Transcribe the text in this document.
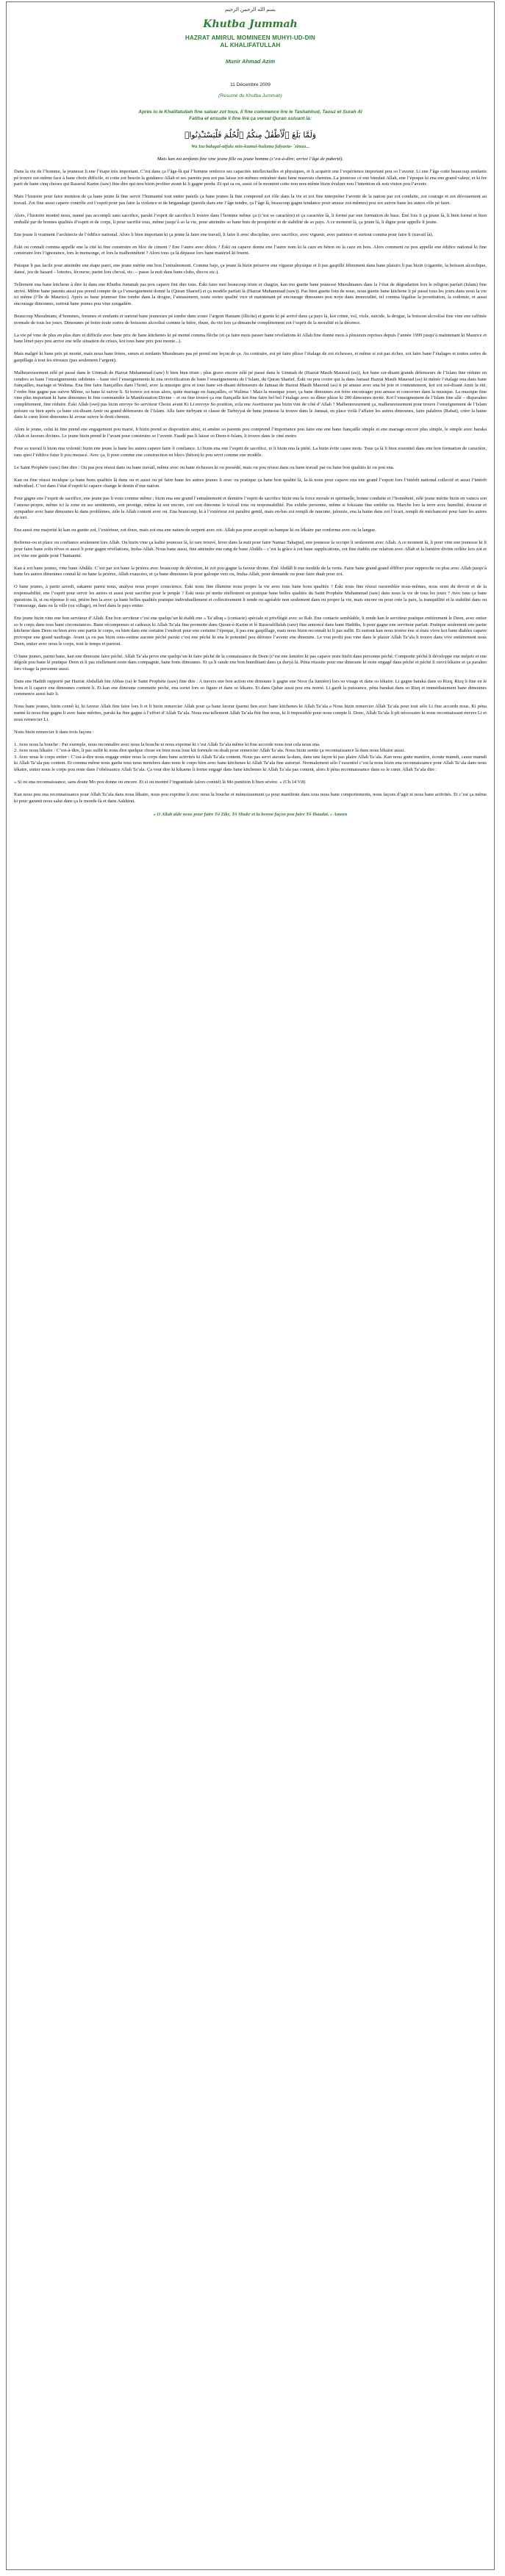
بسم الله الرحمن الرحيم
Khutba Jummah
HAZRAT AMIRUL MOMINEEN MUHYI-UD-DIN
AL KHALIFATULLAH
Munir Ahmad Azim
11 Décembre 2009
(Résumé du Khutba Jummah)
Après lu le Khalifatullah fine saluer zot tous, li fine commence lire le Tashahhud, Taouz et Surah Al
Fatiha et ensuite li fine lire ça verset Quran suivant là:
وَلَمَّا بَلَغَ ٱلْأَطْفَٰلُ مِنكُمُ ٱلْحُلُمَ فَلْيَسْتَـْٔذِنُوا۟
Wa Iza balagal-atfalu min-kumul-huluma falyasta- ´zinuu...
Mais kan zot zenfants fine vine jeune fille ou jeune homme (c’est-à-dire; arrive l’âge de puberté).

Dans la vie de l’homme, la jeunesse li ene l’étape très important. C’est dans ça l’âge-là qui l’homme renforce ses capacités intellectuelles et physiques, et li acquérir ene l’expérience important pou so l’avenir. Li ene l’âge cotte beaucoup zenfants pé trouve zot-même face à bane choix difficile, et cotte zot besoin la guidance Allah et ses parents pou zot pas laisse zot-mêmes entraîner dans bane mauvais chemins. La jeunesse cé ene bienfait Allah, ene l’époque ki ena ene grand valeur, et ki fer parti de bane cinq choses qui Rassoul Karim (saw) fine dire qui nou bizin profiter avant ki li gagne perdu. Et qui sa ou, aussi cé le moment cotte nou nou-même bizin évaluer nou l’intention ek nou vision pou l’avenir.

Mais l’histoire pour faire mention de ça bane jeune là fine servir l’humanité tout entier pareils ça bane jeunes là fine comprend zot rôle dans la vie et zot fine interpréter l’avenir de la nation par zot conduite, zot courage et zot dévouement au travail. Zot fine aussi capave contrôle zot l’esprit pour pas faire la violence et de brigandage (pareils dans ene l’âge tendre, ça l’âge là, beaucoup gagne tendance pour amuse zot-mêmes) pou zot suivre bane les autres rôle pé faire.

Alors, l’histoire montré nous, nanné pas accompli sans sacrifice, parski l’esprit de sacrifice li trouve dans l’homme même ça (c’est so caractère) et ça caractère là, li formé par ene formation de base. Éné fois li ça jeune là, li bien formé et bien emballé par de bonnes qualités d’esprit et de corps, li pour sacrifié tous, même jusqu’à so la vie, pour atteindre so bane buts de prospérité et de stabilité de so pays. A ce moment là, ça jeune là, li digne pour appelle li jeune.

Ene jeune li vraiment l’architecte de l’édifice national. Alors li bien important ki ça jeune là faire ene travail, li faire li avec discipline, avec sacrifice, avec vigueur, avec patience et surtout comma pour faire li (travail là).

Éski ou connaît comma appelle ene la cité ki fine construire en bloc de ciment ? Ene l’autre avec éblois ? Éski ou capave donne ene l’autre nom ki la caze en béton ou la caze en bois. Alors comment ou pou appelle ene édifice national ki fine construire lors l’ignorance, lors le mensonge, et lors la malhonnêteté ? Alors tous ça là dépasse lors bane matériel ki fourni.

Puisque li pas facile pour atteindre ene étape parei, ene jeune mérite ene bon l’entraînement. Comme bajo, ça jeune là bizin préserve ene vigueur physique et li pas gaspillé fébrement dans bane plaisirs li pas bizin (cigarette, la boisson alcoolique, dansé, jeu de hasard – loteries, lécourse, pariet lors cheval, etc. – passe la nuit dans bane clubs, discos etc.).

Tellement ena bane kitchene à dire ki dans ene Khutba Jummah pas pou capave fini dire tous. Éski faire moi beaucoup triste et chagrin, kan mo guette bane jeunesse Musulmanes dans la l’état de dégradation lors le religion parfait (Islam) fine arrivé. Même bane parents aussi pas prend compte de ça l’enseignement donné la (Quran Sharief) et ça modèle parfait là (Hazrat Muhammad (saw)). Pas bien guette loin de nous, nous guette bane kitchene li pé passé tous les jours dans nous la vie ici même (l’île de Maurice). Après so bane jeunesse fine tombe dans la drogue, l’amusement, toute sortes qualité vice et maintenant pé encourage dimounes pou noye dans immoralité, tel comma légalise la prostitution, la sodomie, et aussi encourage dimounes, surtout bane jeunes pou vine zougadère.

Beaucoup Musulmans, d’hommes, femmes et zenfants et surtout bane jeunesses pé tombe dans zouer l’argent Haraam (illicite) et guette ki pé arrivé dans ça pays là, kot crime, vol, viole, suicide, la drogue, la boisson alcoolisé fine vine ene raffinée normale de tous les jours. Dimounes pé boire toute sortes de boissons alcoolisé comme la bière, rhum, du vin lors ça dimanche complètement zot l’esprit de la moralité et la décence.

La vie pé vine de plus en plus dure et difficile avec bane prix de bane kitchenes ki pé monté comma flèche (et ça faire mois passer bane révélations ki Allah fine donne mois à plusieurs reprises depuis l’année 1999 jusqu’à maintenant ki Maurice et bane lénet pays pou arrive ene telle situation de crises, kot tous bane prix pou monte...).

Mais malgré ki bane prix pé monté, mais nous bane frères, sœurs et zenfants Musulmans pas pé prend ene leçon de ça. Au contraire, zot pé faire plisse l’étalage de zot richesses, et même si zot pas riches, zot faire bane l’étalages et toutes sortes de gaspillage à tout les niveaux (pas seulement l’argent).

Malheureusement zélé pé passé dans le Ummah de Hazrat Muhammad (saw) li bien bien triste ; plus grave encore zélé pé passé dans le Ummah de (Hazrat Masih Mauoud (as)), kot bane soi-disant grands défenseurs de l’Islam fine réduire en cendres so bane l’enseignements sublimes – bane réel l’enseignements ki ena revivification de bane l’enseignements de l’Islam, du Quran Sharief. Éski ou pou croire qui la dans Jamaat Hazrat Masih Mauoud (as) ki ménér l’étalage ena dans bane fiançailles, mariage et Walima. Ena fine faire fiançailles dans l’hotel, avec la musique gros et tous bane soi-disant défenseurs de Jamaat de Hazrat Masih Mauoud (as) ti pé amuse avec ena bé joie et contentement, kot zot soi-disant Amir la été, l’ordre fine gagne pas suivre Même, so bane ki suivre li. Si trouve zot nous alors, quite mariage en fiançailles, oi Walima ! Mais la musique jouer, ça bane dimounes zot frère encourager pou amuse et concerner dans la musique. La musique fine vine plus important ki bane dimounes ki fine commandée la Manifestation Divine – et ou fine trouvé ça ene fiançaille kot fine faire bel bel l’étalage avec so dîner plisse ki 200 dimounes invité. Kot l’enseignement de l’Islam fine allé – disparaître complètement, fine réduire. Éski Allah (swt) pas bizin envoye So serviteur Choisi avant Ki Li envoye So position, zola ene Avertisseur pas bizin vini de côté d’Allah ? Malheureusement ça, malheureusement pour trouve l’enseignement de l’Islam présure ou bien après ça bane soi-disant Amir ou grand défenseurs de l’Islam. Alle faire turbyant et classe de Tarbiyyat de bane jeunesse la trouve dans le Jamaat, en place voilà l’affaire les autres dimounes, faire palabres (Rabat), créer la haine dans le cœur lézot dimounes ki avoue suivre le droit chemin.

Alors le jeune, celui ki fine prend ene engagement pou marié, li bizin prend so disposition ainsi, et amène so parents pou comprend l’importance pou faire ene ene bane fiançaille simple et ene mariage encore plus simple, le simple avec baraka Allah et faveurs divines. Le jeune bizin prend le l’avant pour construire so l’avenir. Faudé pas li laisse so Deen-è-Islam, li trouve dans le ciné motre.

Pour so travail li bizin ena volonté; bizin ene jeune la bane les autres capave faire li confiance. Li bizin ena ene l’esprit de sacrifice, et li bizin ena la piété. La bizin évite cause mots. Tous ça là li bien essentiel dans ene bon formation de caractère, rans quoi l’édifice futur li pou menacé. Avec ça, li pour comme ene construction en blocs (béton) ki pou servi comme ene modèle.

Le Saint Prophète (saw) fine dire : Ou pas pou réussi dans ou bane travail, même avec ou bane richesses ki ou possédé, mais ou pou réussi dans ou bane travail par ou bane bon qualités ki ou pou ena.

Kan ou fine réussi inculque ça bane bons qualités là dans ou et aussi ou pé faire bane les autres jeunes li avec ou pratique ça bane bon qualité là, la-là nous pour capave ena ene grand l’espoir lors l’intérêt national collectif et aussi l’intérêt individuel. C’est dans l’état d’esprit ki capave change le destin d’ene nation.

Pour gagne ene l’esprit de sacrifice, ene jeune pas li vous comme même ; bizin ena ene grand l’entraînement et demtère l’esprit de sacrifice bizin ena la force morale et spirituelle, bonne conduite et l’honnêteté, zélé jeune mérite bizin en vaincu son l’amour-propre, même ici la zone en ses sentiments, son prestige, même ki son encore, cori son dimoune le travail tous ou responsabilité. Pas exhibe personne, même si foksiane fine embête ou. Marche lors la terre avec humilité, douceur et sympathie avec bane dimounes ki dans problèmes, zèle la Allah content avec ou. Ena beaucoup, ki à l’extérieur zot paraître gentil, mais en-bas zot rempli de rancune, jalousie, ena la haine dans zot l’écart, rempli de méchanceté pour faire les autres du tort.

Ena aussi ene majorité ki kan ou guette zot, l’extérieur, zot doux, mais zot ena ene nature de serpent avec zot. Allah pas pour accepté ou banque ki ou lékaire par conforme avec ou la langue.

Refreme-ou et place ou confiance seulement lors Allah. Ou bizin vine ça kalité jeunesse là, ki rare trouvé, lever dans la nuit pour faire Namaz Tahajjud, ene jeunesse la occupe li seulement avec Allah. A ce moment là, li pour vine ene jeunesse ki li pour faire bane zolis rêves et aussi li pour gagne révélations, Insha-Allah. Nous bane aussi, fine atteindre ene rang de bane Abdâls – c’est la grâce à zot bane supplications, zot fine établis ene relation avec Allah et la lumière divine reflète lors zot et zot vine ene guide pour l’humanité.

Kan à zot bane jeunes, vine bane Abdâls. C’est par zot bane la prières avec beaucoup de dévotion, ki zot pou gagne la faveur divine. Éné Abdâll li ene modèle de la vertu. Faire bane grand grand éffffort pour rapproche ou plus avec Allah jusqu’à bane les autres dimounes connaî ki ou bane la prières, Allah exaucées, et ça bane dimounes là pour galoupe vers ou, Insha-Allah, pour demande ou pour faire duah pour zot.

O bane jeunes, à partir azordi, sakaene parmi nous, analyse nous propre conscience. Éski nous fine illumine nous propre la vie avec tous bane bons qualités ? Éski nous fine réussi rassemblée nous-mêmes, nous semi du devoir et de la responsabilité, ene l’esprit pour servir les autres et aussi pour sacrifier pour le peuple ? Éski nous pé mette réellement en pratique bane belles qualités du Saint Prophète Muhammad (saw) dans nous la vie de tous les jours ? Avec tous ça bane questions là, si ou réponse li oui, prière ben la avec ça bane belles qualités pratique individuellement et collectivement li rende ou agréable non seulement dans ou propre la vie, mais encore ou pour crée la paix, la tranquillité et la stabilité dans ou l’entourage, dans ou la ville (ou village), en bref dans le pays entier.

Ene jeune bizin vine ene bon serviteur d’Allah. Éne bon serviteur c’est ene quelqu’un ki établi ene « Ta’alluq » (contacte) spéciale et privilégié avec so Rab. Ene contacte semblable, li rende kan le serviteur pratique entièrement le Deen, avec entier so le corps dans tous bane circonstances. Bane récompenses et cadeaux ki Allah Ta’ala fine promette dans Quran-è-Karim et lé Rassoulillulah (saw) fine annoncé dans bane Hadiths, li pour gagne ene serviteur parfait. Pratique seulement ene partie kitchene dans Deen ou bien avec ene partie le corps, ou bien dans ene certaine l’endroit pour ene certaine l’époque, li pas ene gaspillage, mais nous bizin reconnaît ki li pas suffit. Et surtout kan nous trouve ène si étais vivre kot bane diables capave provoque ene grand naufrage. Avant ça ou pas bizin sous-estime aucune péché parski c’est ene péché ki ena le potentiel pou détruire l’avenir ene dimoune. Le vrai profit pou vine dans le plaisir Allah Ta’ala li trouve dans vive entièrement nous Deen, entier avec nous le corps, tout le temps et partout.

O bane jeunes, parmi bane, kan ene dimoune faire péché. Allah Ta’ala prive ene quelqu’un ki faire péché de la connaissance de Deen (c’est ene lumière ki pas capave reste bisfit dans personne péché. Comprette péché li développe ene mépris et ene dégoût pou bane lé pratique Deen et li pas réellement reste dans compagnie, bane bons dimounes. Et ça li rande ene bon humilitant dans ça duryà là. Péna réussite pour ene dimoune ki reste engagé dans péché et péché li ouvri lékaire et ça paraître lors visage la personne aussi.

Dans ene Hadith rapporté par Hazrat Abdullah bin Abbas (ra) le Saint Prophète (saw) fine dire : A travers ene bon action ene dimoune li gagne ene Noor (la lumière) lors so visage et dans so lékaire. Li gagne baraká dans so Rizq, Rizq li fine en lé bons et li capave ene dimounes content li. Et kan ene dimoune commette péché, ena sortet lors so figure et dans so lékaire. Et dans Qabar aussi pou ena noirté. Li gardi la puissance, péna barakat dans so Rizq et immédiatement bane dimounes commence aussi haïr li.

Nous bane jeunes, bizin connô ki, ki faveur Allah fine faire lors li et li bizin remercier Allah pour ça bane faveur (parmi lien avec bane kitchenes ki Allah Ta’ala a Nous bizin remercier Allah Ta’ala pour tout sélo Li fine accorde nous. Ki péna nanné ki nous fine gagne li avec bane mérites, parski ka fine gagne à l’effort d’Allah Ta’ala. Nous ena tellement Allah Ta’ala fini fine nous, ki li impossible pour nous compte li. Donc, Allah Ta’ala li pli nécessaire ki nous reconnaissant envers Li et nous remercier Li.

Nous bizin remercier li dans trois façons :

1. Avec nous la bouche : Par exemple, nous reconnaître avec nous la bouche et nous exprime ki c’est Allah Ta’ala même ki fine accorde nous tout cela nous ena.
2. Avec nous lékaire : C’est-à-dire, li pas suffit ki nous dire quelque chose en bien nous loue kit formule ou doah pour remercier Allah Ta’ala. Nous bizin sentie ça reconnaissance là dans nous lékaire aussi.
3. Avec nous le corps entier : C’est-à-dire nous engage entier nous le corps dans bane activités ki Allah Ta’ala content. Nous pas servi aucune la-dans, dans une façon ki pas plaire Allah Ta’ala. Kan nous gutte manière, écoute mamdi, cause mamdi ki Allah Ta’ala pas content. Et comma même nous gaehe tous nous membres dans nous le corps bien avec bane kitchenes ki Allah Ta’ala fine autorisé. Normalement sélo l’essentiel c’est la nous bizin ena reconnaissance pour Allah Ta’ala dans nous lékaire, entier nous le corps pou reste dans l’obéissance Allah Ta’ala. Ça veut dire ki kikaene li ferme engagé dans bane kitchenes ki Allah Ta’ala pas content, alors li péna reconnaissance dans so le cœur. Allah Ta’ala dire :

« Si ou ena reconnaissance, sans doute Mo pou donne ou encore. Et si ou montré l’ingratitude (alors connié) là Mo punition li bien sévère. » (Ch.14 V.8)

Kan nous pou ena reconnaissance pour Allah Ta’ala dans nous lékaire, nous pou exprime li avec nous la bouche et mémoissement ça pour manifeste dans tous nous bane comportements, nous façons d’agir et nous bane activités. Et c’est ça même ki pour garanti nous salut dans ça le monde-là et dans Aakhirat.

« O Allah aide nous pour faire Tô Zikr, Tô Shukr et la bonne façon pou faire Tô Ibaadat. » Ameen
